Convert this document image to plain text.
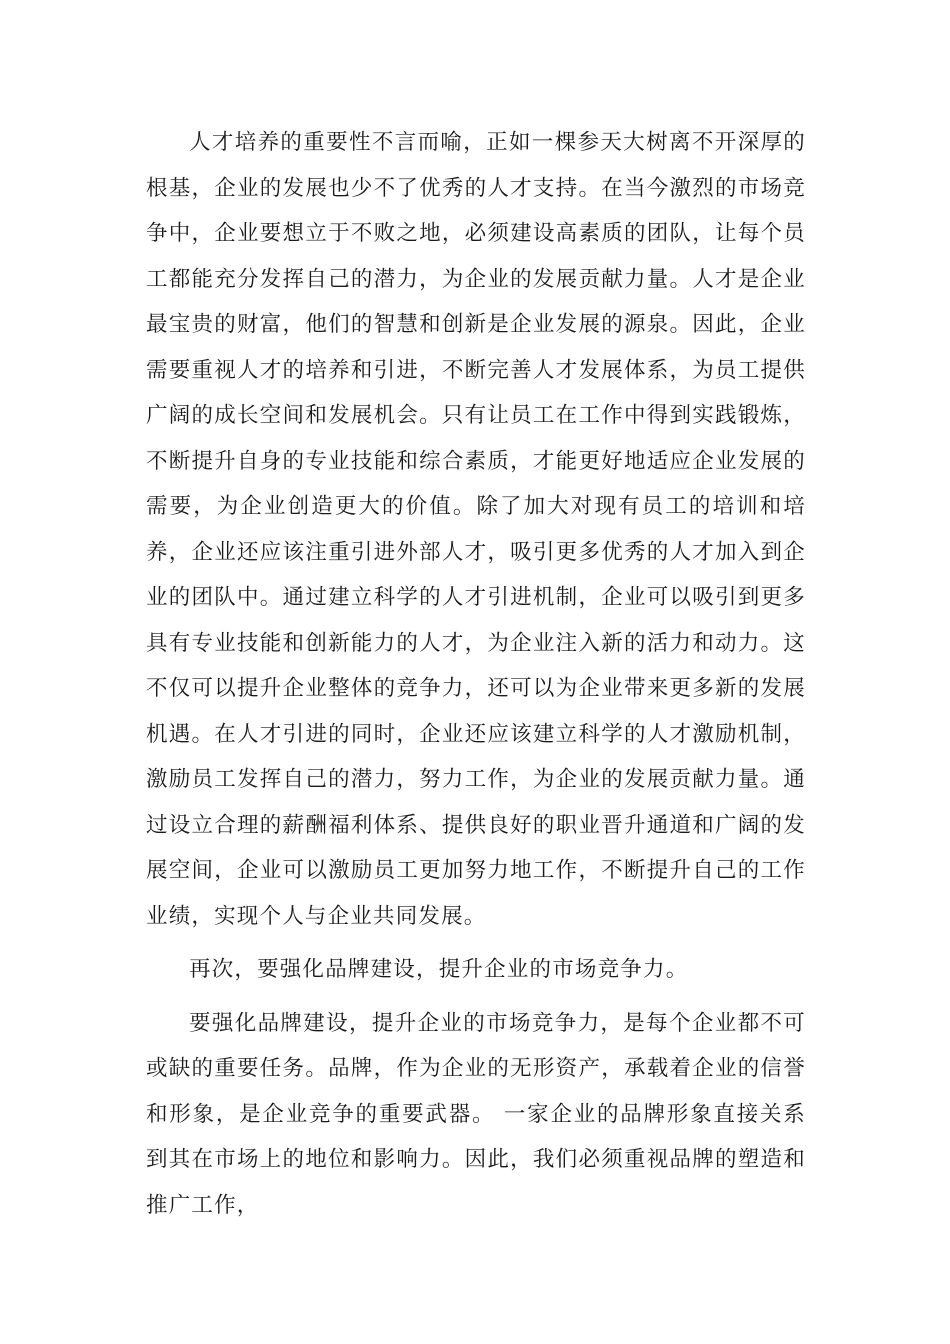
人才培养的重要性不言而喻，正如一棵参天大树离不开深厚的根基，企业的发展也少不了优秀的人才支持。在当今激烈的市场竞争中，企业要想立于不败之地，必须建设高素质的团队，让每个员工都能充分发挥自己的潜力，为企业的发展贡献力量。人才是企业最宝贵的财富，他们的智慧和创新是企业发展的源泉。因此，企业需要重视人才的培养和引进，不断完善人才发展体系，为员工提供广阔的成长空间和发展机会。只有让员工在工作中得到实践锻炼，不断提升自身的专业技能和综合素质，才能更好地适应企业发展的需要，为企业创造更大的价值。除了加大对现有员工的培训和培养，企业还应该注重引进外部人才，吸引更多优秀的人才加入到企业的团队中。通过建立科学的人才引进机制，企业可以吸引到更多具有专业技能和创新能力的人才，为企业注入新的活力和动力。这不仅可以提升企业整体的竞争力，还可以为企业带来更多新的发展机遇。在人才引进的同时，企业还应该建立科学的人才激励机制，激励员工发挥自己的潜力，努力工作，为企业的发展贡献力量。通过设立合理的薪酬福利体系、提供良好的职业晋升通道和广阔的发展空间，企业可以激励员工更加努力地工作，不断提升自己的工作业绩，实现个人与企业共同发展。

再次，要强化品牌建设，提升企业的市场竞争力。

要强化品牌建设，提升企业的市场竞争力，是每个企业都不可或缺的重要任务。品牌，作为企业的无形资产，承载着企业的信誉和形象，是企业竞争的重要武器。 一家企业的品牌形象直接关系到其在市场上的地位和影响力。因此，我们必须重视品牌的塑造和推广工作，
